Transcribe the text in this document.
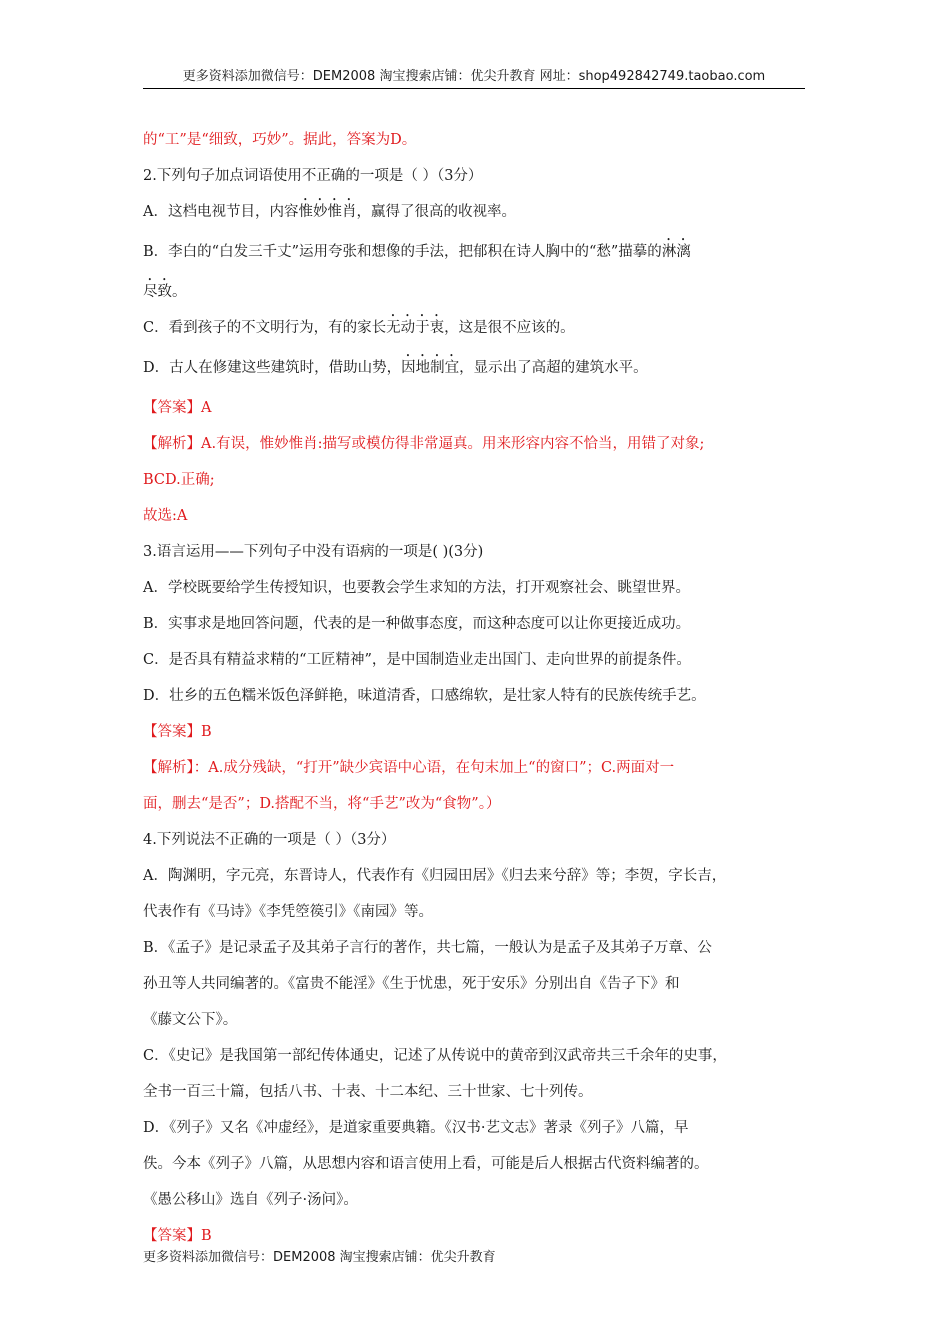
更多资料添加微信号：DEM2008 淘宝搜索店铺：优尖升教育 网址：shop492842749.taobao.com
的“工”是“细致，巧妙”。据此，答案为D。
2.下列句子加点词语使用不正确的一项是（ ）（3分）
A．这档电视节目，内容惟妙惟肖，赢得了很高的收视率。
B．李白的“白发三千丈”运用夸张和想像的手法，把郁积在诗人胸中的“愁”描摹的淋漓
尽致。
C．看到孩子的不文明行为，有的家长无动于衷，这是很不应该的。
D．古人在修建这些建筑时，借助山势，因地制宜，显示出了高超的建筑水平。
【答案】A
【解析】A.有误，惟妙惟肖:描写或模仿得非常逼真。用来形容内容不恰当，用错了对象;
BCD.正确;
故选:A
3.语言运用——下列句子中没有语病的一项是( )(3分)
A．学校既要给学生传授知识，也要教会学生求知的方法，打开观察社会、眺望世界。
B．实事求是地回答问题，代表的是一种做事态度，而这种态度可以让你更接近成功。
C．是否具有精益求精的“工匠精神”，是中国制造业走出国门、走向世界的前提条件。
D．壮乡的五色糯米饭色泽鲜艳，味道清香，口感绵软，是壮家人特有的民族传统手艺。
【答案】B
【解析】：A.成分残缺，“打开”缺少宾语中心语，在句末加上“的窗口”；C.两面对一
面，删去“是否”；D.搭配不当，将“手艺”改为“食物”。）
4.下列说法不正确的一项是（ ）（3分）
A．陶渊明，字元亮，东晋诗人，代表作有《归园田居》《归去来兮辞》等；李贺，字长吉，
代表作有《马诗》《李凭箜篌引》《南园》等。
B．《孟子》是记录孟子及其弟子言行的著作，共七篇，一般认为是孟子及其弟子万章、公
孙丑等人共同编著的。《富贵不能淫》《生于忧患，死于安乐》分别出自《告子下》和
《藤文公下》。
C．《史记》是我国第一部纪传体通史，记述了从传说中的黄帝到汉武帝共三千余年的史事，
全书一百三十篇，包括八书、十表、十二本纪、三十世家、七十列传。
D．《列子》又名《冲虚经》，是道家重要典籍。《汉书·艺文志》著录《列子》八篇，早
佚。今本《列子》八篇，从思想内容和语言使用上看，可能是后人根据古代资料编著的。
《愚公移山》选自《列子·汤问》。
【答案】B
更多资料添加微信号：DEM2008 淘宝搜索店铺：优尖升教育
